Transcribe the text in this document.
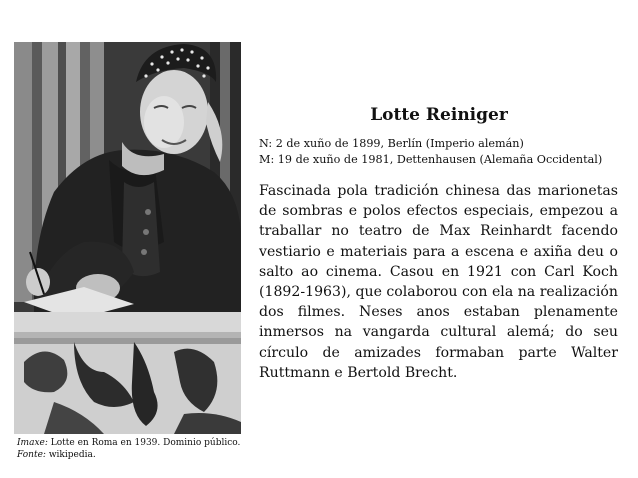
Imaxe: Lotte en Roma en 1939. Dominio público.
Fonte: wikipedia.
Lotte Reiniger
N: 2 de xuño de 1899, Berlín (Imperio alemán)
M: 19 de xuño de 1981, Dettenhausen (Alemaña Occidental)
Fascinada pola tradición chinesa das marionetas de sombras e polos efectos especiais, empezou a traballar no teatro de Max Reinhardt facendo vestiario e materiais para a escena e axiña deu o salto ao cinema. Casou en 1921 con Carl Koch (1892-1963), que colaborou con ela na realización dos filmes. Neses anos estaban plenamente inmersos na vangarda cultural alemá; do seu círculo de amizades formaban parte Walter Ruttmann e Bertold Brecht.
